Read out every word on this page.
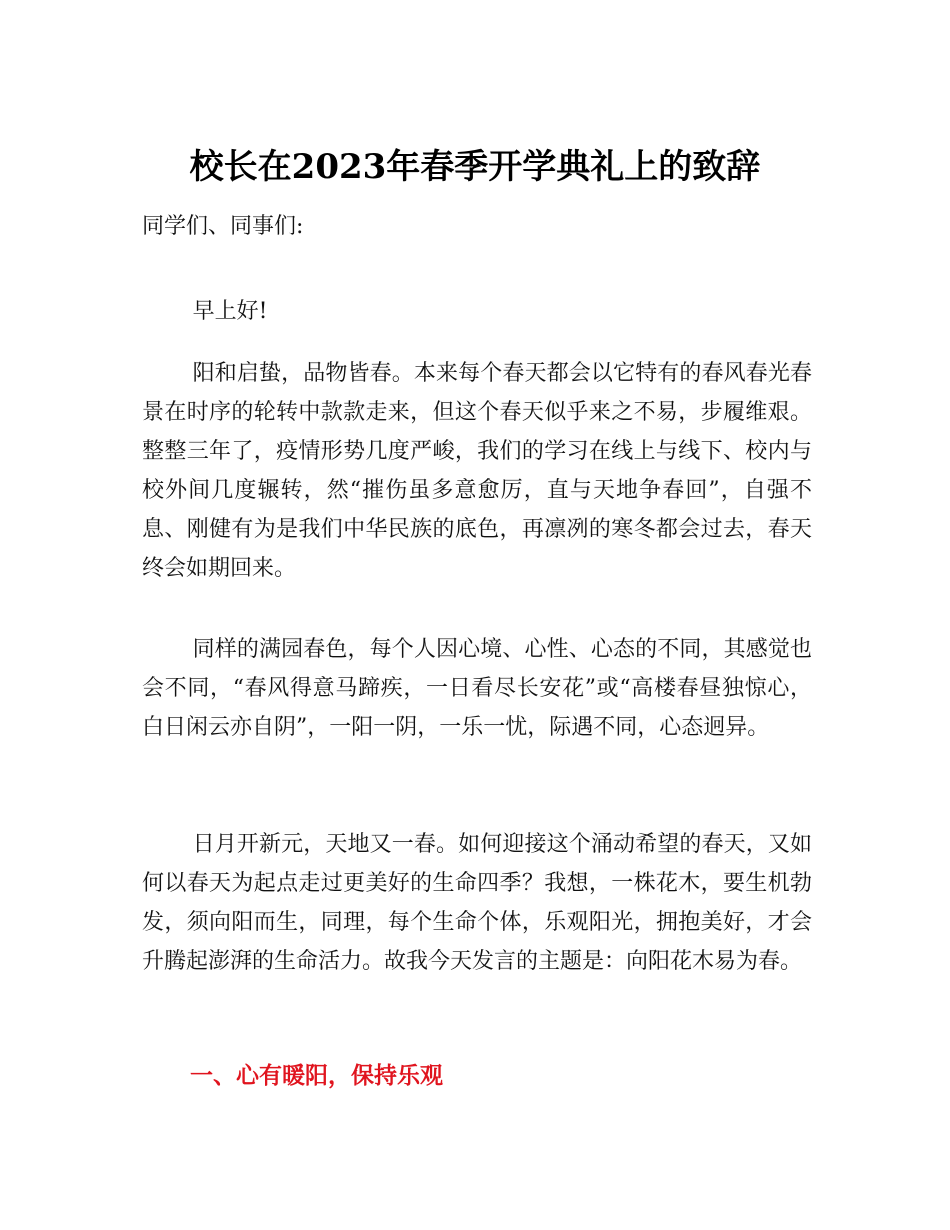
校长在2023年春季开学典礼上的致辞

同学们、同事们:

早上好!

阳和启蛰，品物皆春。本来每个春天都会以它特有的春风春光春景在时序的轮转中款款走来，但这个春天似乎来之不易，步履维艰。整整三年了，疫情形势几度严峻，我们的学习在线上与线下、校内与校外间几度辗转，然“摧伤虽多意愈厉，直与天地争春回”，自强不息、刚健有为是我们中华民族的底色，再凛冽的寒冬都会过去，春天终会如期回来。

同样的满园春色，每个人因心境、心性、心态的不同，其感觉也会不同，“春风得意马蹄疾，一日看尽长安花”或“高楼春昼独惊心，白日闲云亦自阴”，一阳一阴，一乐一忧，际遇不同，心态迥异。

日月开新元，天地又一春。如何迎接这个涌动希望的春天，又如何以春天为起点走过更美好的生命四季？我想，一株花木，要生机勃发，须向阳而生，同理，每个生命个体，乐观阳光，拥抱美好，才会升腾起澎湃的生命活力。故我今天发言的主题是：向阳花木易为春。

一、心有暖阳，保持乐观
